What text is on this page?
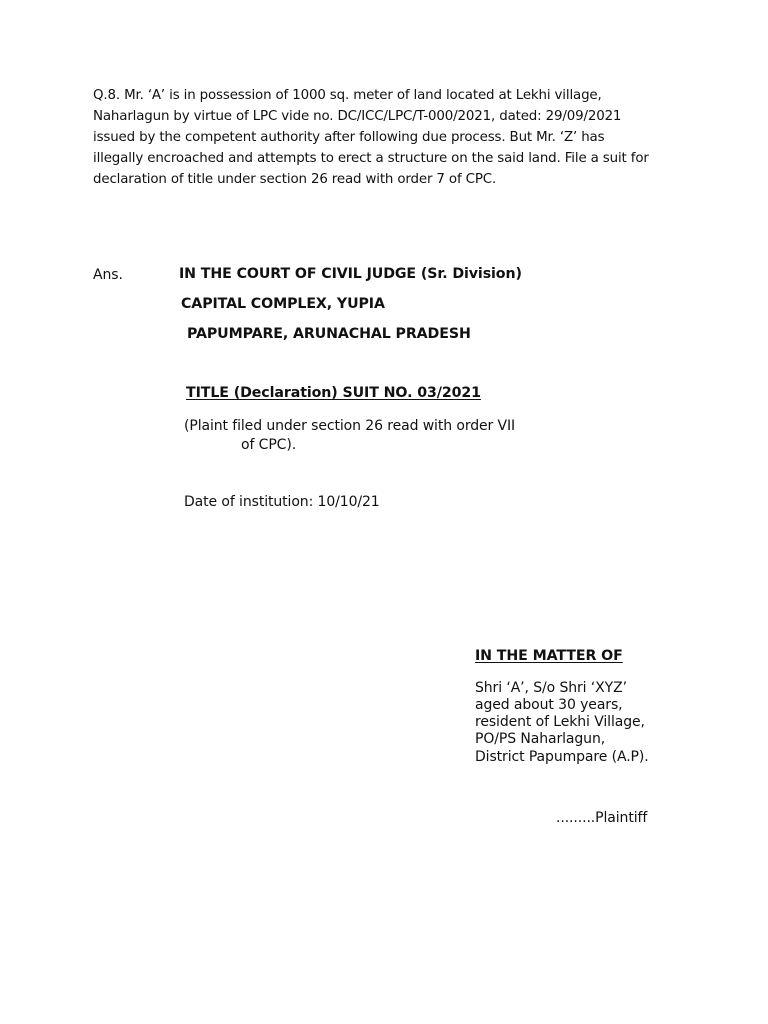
Q.8. Mr. ‘A’ is in possession of 1000 sq. meter of land located at Lekhi village,
Naharlagun by virtue of LPC vide no. DC/ICC/LPC/T-000/2021, dated: 29/09/2021
issued by the competent authority after following due process. But Mr. ‘Z’ has
illegally encroached and attempts to erect a structure on the said land. File a suit for
declaration of title under section 26 read with order 7 of CPC.
Ans.	IN THE COURT OF CIVIL JUDGE (Sr. Division)
CAPITAL COMPLEX, YUPIA
PAPUMPARE, ARUNACHAL PRADESH
TITLE (Declaration) SUIT NO. 03/2021
(Plaint filed under section 26 read with order VII
of CPC).
Date of institution: 10/10/21
IN THE MATTER OF
Shri ‘A’, S/o Shri ‘XYZ’
aged about 30 years,
resident of Lekhi Village,
PO/PS Naharlagun,
District Papumpare (A.P).
.........Plaintiff
